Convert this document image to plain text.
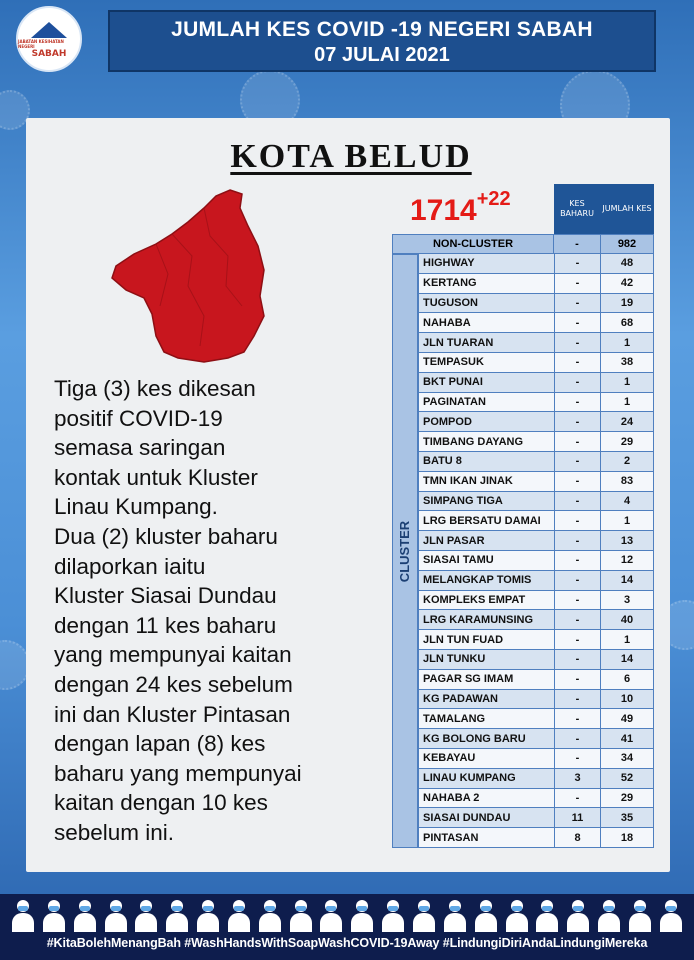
JABATAN KESIHATAN NEGERI
SABAH
JUMLAH KES COVID -19 NEGERI SABAH
07 JULAI 2021
KOTA BELUD
Tiga (3) kes dikesan
positif COVID-19
semasa saringan
kontak untuk Kluster
Linau Kumpang.
Dua (2) kluster baharu
dilaporkan iaitu
Kluster Siasai Dundau
dengan 11 kes baharu
yang mempunyai kaitan
dengan 24 kes sebelum
ini dan Kluster Pintasan
dengan lapan (8) kes
baharu yang mempunyai
kaitan dengan 10 kes
sebelum ini.
$1714^{+22}$	KES BAHARU
JUMLAH KES
NON-CLUSTER	-	982
CLUSTER
HIGHWAY	-	48
KERTANG	-	42
TUGUSON	-	19
NAHABA	-	68
JLN TUARAN	-	1
TEMPASUK	-	38
BKT PUNAI	-	1
PAGINATAN	-	1
POMPOD	-	24
TIMBANG DAYANG	-	29
BATU 8	-	2
TMN IKAN JINAK	-	83
SIMPANG TIGA	-	4
LRG BERSATU DAMAI	-	1
JLN PASAR	-	13
SIASAI TAMU	-	12
MELANGKAP TOMIS	-	14
KOMPLEKS EMPAT	-	3
LRG KARAMUNSING	-	40
JLN TUN FUAD	-	1
JLN TUNKU	-	14
PAGAR SG IMAM	-	6
KG PADAWAN	-	10
TAMALANG	-	49
KG BOLONG BARU	-	41
KEBAYAU	-	34
LINAU KUMPANG	3	52
NAHABA 2	-	29
SIASAI DUNDAU	11	35
PINTASAN	8	18
#KitaBolehMenangBah #WashHandsWithSoapWashCOVID-19Away #LindungiDiriAndaLindungiMereka
